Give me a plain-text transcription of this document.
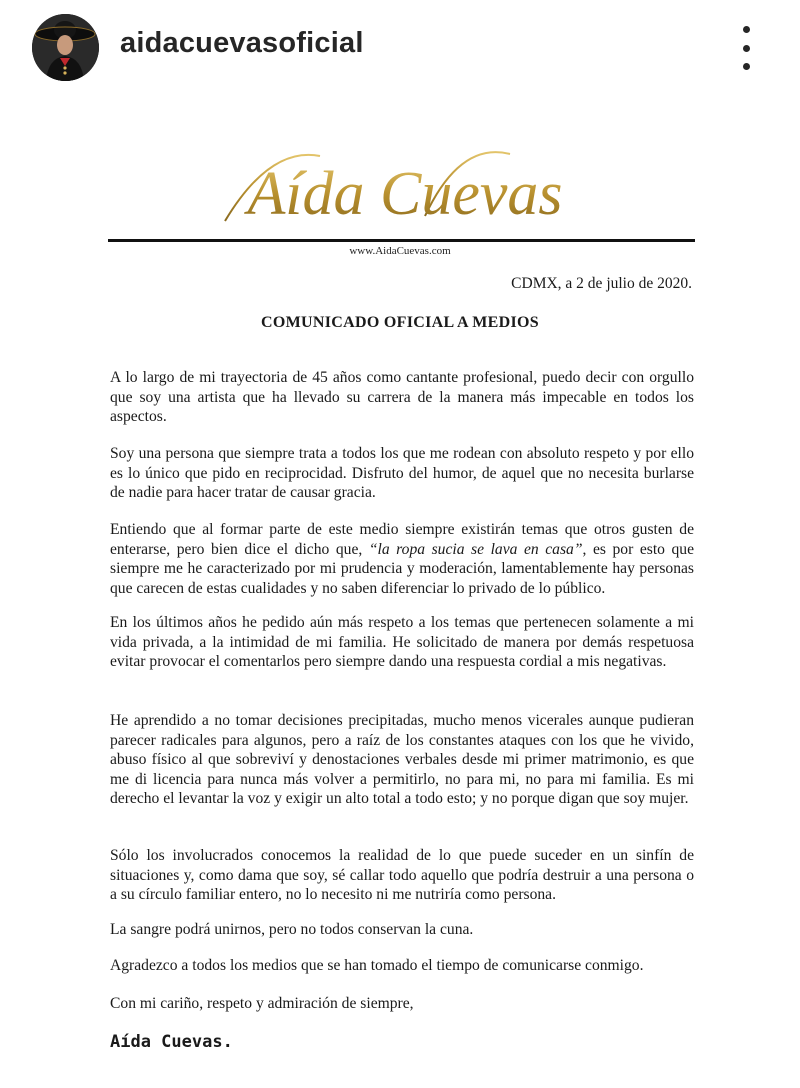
aidacuevasoficial
Aída Cuevas
www.AidaCuevas.com
CDMX, a 2 de julio de 2020.
COMUNICADO OFICIAL A MEDIOS

A lo largo de mi trayectoria de 45 años como cantante profesional, puedo decir con orgullo que soy una artista que ha llevado su carrera de la manera más impecable en todos los aspectos.

Soy una persona que siempre trata a todos los que me rodean con absoluto respeto y por ello es lo único que pido en reciprocidad. Disfruto del humor, de aquel que no necesita burlarse de nadie para hacer tratar de causar gracia.

Entiendo que al formar parte de este medio siempre existirán temas que otros gusten de enterarse, pero bien dice el dicho que, “la ropa sucia se lava en casa”, es por esto que siempre me he caracterizado por mi prudencia y moderación, lamentablemente hay personas que carecen de estas cualidades y no saben diferenciar lo privado de lo público.

En los últimos años he pedido aún más respeto a los temas que pertenecen solamente a mi vida privada, a la intimidad de mi familia. He solicitado de manera por demás respetuosa evitar provocar el comentarlos pero siempre dando una respuesta cordial a mis negativas.

He aprendido a no tomar decisiones precipitadas, mucho menos vicerales aunque pudieran parecer radicales para algunos, pero a raíz de los constantes ataques con los que he vivido, abuso físico al que sobreviví y denostaciones verbales desde mi primer matrimonio, es que me di licencia para nunca más volver a permitirlo, no para mi, no para mi familia. Es mi derecho el levantar la voz y exigir un alto total a todo esto; y no porque digan que soy mujer.

Sólo los involucrados conocemos la realidad de lo que puede suceder en un sinfín de situaciones y, como dama que soy, sé callar todo aquello que podría destruir a una persona o a su círculo familiar entero, no lo necesito ni me nutriría como persona.

La sangre podrá unirnos, pero no todos conservan la cuna.

Agradezco a todos los medios que se han tomado el tiempo de comunicarse conmigo.

Con mi cariño, respeto y admiración de siempre,

Aída Cuevas.
